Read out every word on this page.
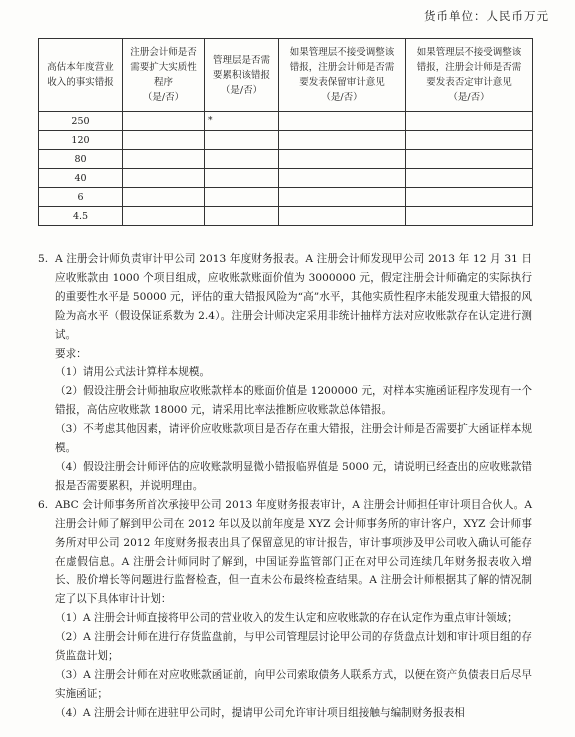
货币单位：人民币万元
高估本年度营业
收入的事实错报	注册会计师是否
需要扩大实质性
程序
（是/否）	管理层是否需
要累积该错报
（是/否）	如果管理层不接受调整该
错报，注册会计师是否需
要发表保留审计意见
（是/否）	如果管理层不接受调整该
错报，注册会计师是否需
要发表否定审计意见
（是/否）

250		*		
120				
80				
40				
6				
4.5				
5. A 注册会计师负责审计甲公司 2013 年度财务报表。A 注册会计师发现甲公司 2013 年 12 月 31 日应收账款由 1000 个项目组成，应收账款账面价值为 3000000 元，假定注册会计师确定的实际执行的重要性水平是 50000 元，评估的重大错报风险为“高”水平，其他实质性程序未能发现重大错报的风险为高水平（假设保证系数为 2.4）。注册会计师决定采用非统计抽样方法对应收账款存在认定进行测试。

要求：

（1）请用公式法计算样本规模。

（2）假设注册会计师抽取应收账款样本的账面价值是 1200000 元，对样本实施函证程序发现有一个错报，高估应收账款 18000 元，请采用比率法推断应收账款总体错报。

（3）不考虑其他因素，请评价应收账款项目是否存在重大错报，注册会计师是否需要扩大函证样本规模。

（4）假设注册会计师评估的应收账款明显微小错报临界值是 5000 元，请说明已经查出的应收账款错报是否需要累积，并说明理由。

6. ABC 会计师事务所首次承接甲公司 2013 年度财务报表审计，A 注册会计师担任审计项目合伙人。A 注册会计师了解到甲公司在 2012 年以及以前年度是 XYZ 会计师事务所的审计客户，XYZ 会计师事务所对甲公司 2012 年度财务报表出具了保留意见的审计报告，审计事项涉及甲公司收入确认可能存在虚假信息。A 注册会计师同时了解到，中国证券监管部门正在对甲公司连续几年财务报表收入增长、股价增长等问题进行监督检查，但一直未公布最终检查结果。A 注册会计师根据其了解的情况制定了以下具体审计计划：

（1）A 注册会计师直接将甲公司的营业收入的发生认定和应收账款的存在认定作为重点审计领域；

（2）A 注册会计师在进行存货监盘前，与甲公司管理层讨论甲公司的存货盘点计划和审计项目组的存货监盘计划；

（3）A 注册会计师在对应收账款函证前，向甲公司索取债务人联系方式，以便在资产负债表日后尽早实施函证；

（4）A 注册会计师在进驻甲公司时，提请甲公司允许审计项目组接触与编制财务报表相
